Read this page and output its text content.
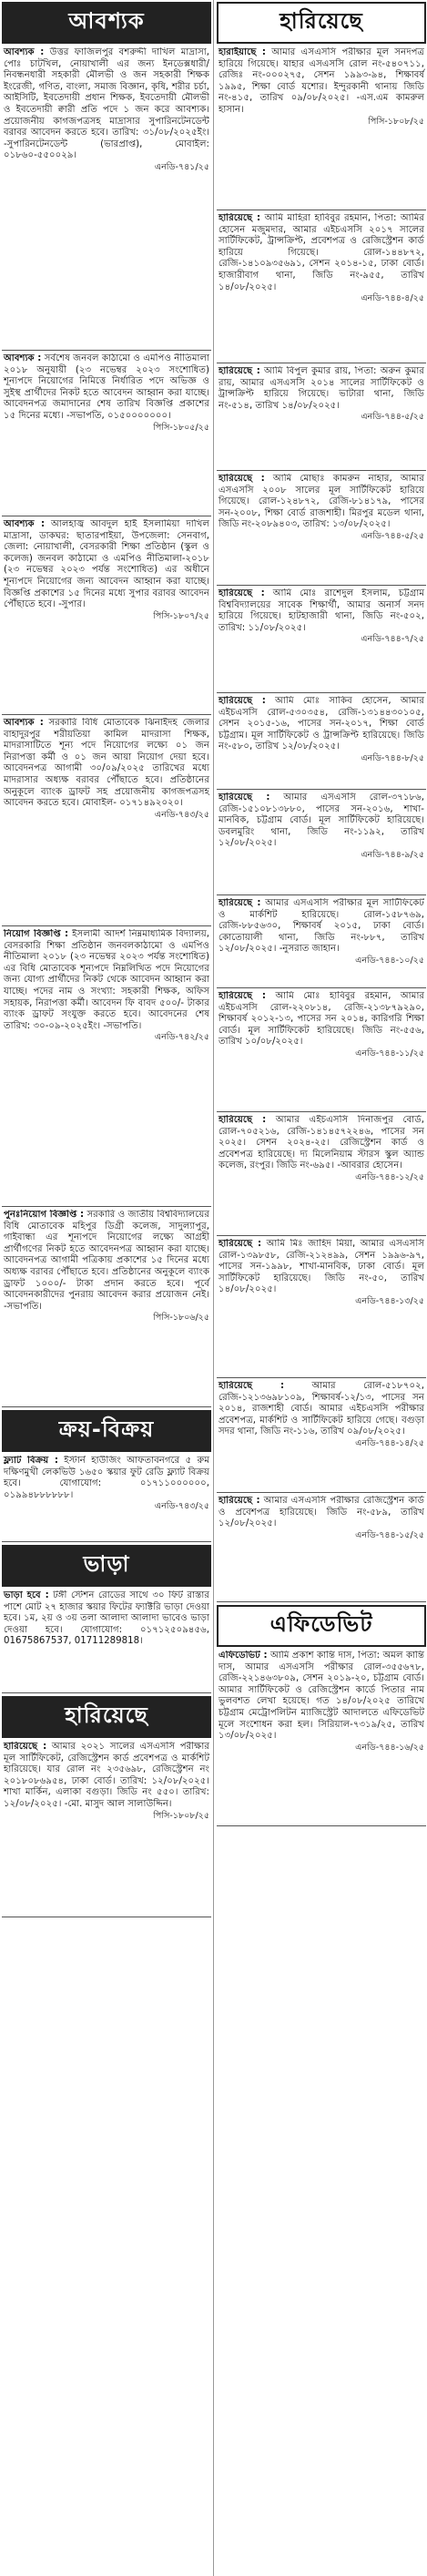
আবশ্যক
আবশ্যক : উত্তর ফাজিলপুর বশরুদ্দী দাখিল মাদ্রাসা, পোঃ চাটখিল, নোয়াখালী এর জন্য ইনডেক্সধারী/নিবন্ধনধারী সহকারী মৌলভী ও জন সহকারী শিক্ষক ইংরেজী, গণিত, বাংলা, সমাজ বিজ্ঞান, কৃষি, শরীর চর্চা, আইসিটি, ইবতেদায়ী প্রধান শিক্ষক, ইবতেদায়ী মৌলভী ও ইবতেদায়ী ক্বারী প্রতি পদে ১ জন করে আবশ্যক। প্রয়োজনীয় কাগজপত্রসহ মাদ্রাসার সুপারিনটেনডেন্ট বরাবর আবেদন করতে হবে। তারিখ: ৩১/০৮/২০২৫ইং। -সুপারিনটেনডেন্ট (ভারপ্রাপ্ত), মোবাইল: ০১৮৬০-৫৫০০২৯।
এনডি-৭৪১/২৫
আবশ্যক : সর্বশেষ জনবল কাঠামো ও এমপিও নীতিমালা ২০১৮ অনুযায়ী (২৩ নভেম্বর ২০২৩ সংশোধিত) শূন্যপদে নিয়োগের নিমিত্তে নির্ধারিত পদে অভিজ্ঞ ও সুইস্থ প্রার্থীদের নিকট হতে আবেদন আহ্বান করা যাচ্ছে। আবেদনপত্র জমাদানের শেষ তারিখ বিজ্ঞপ্তি প্রকাশের ১৫ দিনের মধ্যে। -সভাপতি, ০১৫০০০০০০০।
পিসি-১৮০৫/২৫
আবশ্যক : আলহাজ্ব আবদুল হাই ইসলামিয়া দাখিল মাদ্রাসা, ডাকঘর: ছাতারপাইয়া, উপজেলা: সেনবাগ, জেলা: নোয়াখালী, বেসরকারী শিক্ষা প্রতিষ্ঠান (স্কুল ও কলেজ) জনবল কাঠামো ও এমপিও নীতিমালা-২০১৮ (২৩ নভেম্বর ২০২৩ পর্যন্ত সংশোধিত) এর অধীনে শূন্যপদে নিয়োগের জন্য আবেদন আহ্বান করা যাচ্ছে। বিজ্ঞপ্তি প্রকাশের ১৫ দিনের মধ্যে সুপার বরাবর আবেদন পৌঁছাতে হবে। -সুপার।
পিসি-১৮০৭/২৫
আবশ্যক : সরকারি বিধি মোতাবেক ঝিনাইদহ জেলার বাহাদুরপুর শরীয়তিয়া কামিল মাদরাসা শিক্ষক, মাদরাসাটিতে শূন্য পদে নিয়োগের লক্ষ্যে ০১ জন নিরাপত্তা কর্মী ও ০১ জন আয়া নিয়োগ দেয়া হবে। আবেদনপত্র আগামী ৩০/০৯/২০২৫ তারিখের মধ্যে মাদরাসার অধ্যক্ষ বরাবর পৌঁছাতে হবে। প্রতিষ্ঠানের অনুকূলে ব্যাংক ড্রাফট সহ প্রয়োজনীয় কাগজপত্রসহ আবেদন করতে হবে। মোবাইল- ০১৭১৪৯২০২০।
এনডি-৭৪৩/২৫
নিয়োগ বিজ্ঞপ্তি : ইসলামী আদর্শ নিম্নমাধ্যমিক বিদ্যালয়, বেসরকারি শিক্ষা প্রতিষ্ঠান জনবলকাঠামো ও এমপিও নীতিমালা ২০১৮ (২৩ নভেম্বর ২০২৩ পর্যন্ত সংশোধিত) এর বিধি মোতাবেক শূন্যপদে নিম্নলিখিত পদে নিয়োগের জন্য যোগ্য প্রার্থীদের নিকট থেকে আবেদন আহ্বান করা যাচ্ছে। পদের নাম ও সংখ্যা: সহকারী শিক্ষক, অফিস সহায়ক, নিরাপত্তা কর্মী। আবেদন ফি বাবদ ৫০০/- টাকার ব্যাংক ড্রাফট সংযুক্ত করতে হবে। আবেদনের শেষ তারিখ: ৩০-০৯-২০২৫ইং। -সভাপতি।
এনডি-৭৪২/২৫
পুনঃনিয়োগ বিজ্ঞপ্তি : সরকারি ও জাতীয় বিশ্ববিদ্যালয়ের বিধি মোতাবেক মহিপুর ডিগ্রী কলেজ, সাদুল্যাপুর, গাইবান্ধা এর শূন্যপদে নিয়োগের লক্ষ্যে আগ্রহী প্রার্থীগণের নিকট হতে আবেদনপত্র আহ্বান করা যাচ্ছে। আবেদনপত্র আগামী পত্রিকায় প্রকাশের ১৫ দিনের মধ্যে অধ্যক্ষ বরাবর পৌঁছাতে হবে। প্রতিষ্ঠানের অনুকূলে ব্যাংক ড্রাফট ১০০০/- টাকা প্রদান করতে হবে। পূর্বে আবেদনকারীদের পুনরায় আবেদন করার প্রয়োজন নেই। -সভাপতি।
পিসি-১৮০৬/২৫
ক্রয়-বিক্রয়
ফ্ল্যাট বিক্রয় : ইস্টার্ন হাউজিং আফতাবনগরে ৫ রুম দক্ষিণমুখী লেকভিউ ১৬৫০ স্কয়ার ফুট রেডি ফ্ল্যাট বিক্রয় হবে। যোগাযোগ: ০১৭১১০০০০০০, ০১৯৯৪৮৮৮৮৮৮।
এনডি-৭৪৩/২৫
ভাড়া
ভাড়া হবে : টঙ্গী স্টেশন রোডের সাথে ৩০ ফিট রাস্তার পাশে মোট ২৭ হাজার স্কয়ার ফিটের ফ্যাক্টরি ভাড়া দেওয়া হবে। ১ম, ২য় ও ৩য় তলা আলাদা আলাদা ভাবেও ভাড়া দেওয়া হবে। যোগাযোগ: ০১৭১২৫০৯৪৫৬, 01675867537, 01711289818।
হারিয়েছে
হারিয়েছে : আমার ২০২১ সালের এসএসসি পরীক্ষার মূল সার্টিফিকেট, রেজিস্ট্রেশন কার্ড প্রবেশপত্র ও মার্কশিট হারিয়েছে। যার রোল নং ২৩৫৬৯৮, রেজিস্ট্রেশন নং ২০১৮০৮৬৯৫৪, ঢাকা বোর্ড। তারিখ: ১২/০৮/২০২৫। শাখা মার্কিন, এলাকা বগুড়া। জিডি নং ৫৫০। তারিখ: ১২/০৮/২০২৫। -মো. মাসুদ আল সালাউদ্দিন।
পিসি-১৮০৮/২৫
হারিয়েছে
হারাইয়াছে : আমার এসএসসি পরীক্ষার মূল সনদপত্র হারিয়ে গিয়েছে। যাহার এসএসসি রোল নং-৫৪০৭১১, রেজিঃ নং-০০০২৭৫, সেশন ১৯৯৩-৯৪, শিক্ষাবর্ষ ১৯৯৫, শিক্ষা বোর্ড যশোর। ইন্দুরকানী থানায় জিডি নং-৪১৫, তারিখ ০৯/০৮/২০২৫। -এস.এম কামরুল হাসান।
পিসি-১৮০৮/২৫
হারিয়েছে : আমি মাহিরা হাবিবুর রহমান, পিতা: আমির হোসেন মজুমদার, আমার এইচএসসি ২০১৭ সালের সার্টিফিকেট, ট্রান্সক্রিপ্ট, প্রবেশপত্র ও রেজিস্ট্রেশন কার্ড হারিয়ে গিয়েছে। রোল-১৪৪৮৭২, রেজি-১৪১০৯৩৫৬৯১, সেশন ২০১৪-১৫, ঢাকা বোর্ড। হাজারীবাগ থানা, জিডি নং-৯৫৫, তারিখ ১৪/০৮/২০২৫।
এনডি-৭৪৪-৪/২৫
হারিয়েছে : আমি বিপুল কুমার রায়, পিতা: অরুন কুমার রায়, আমার এসএসসি ২০১৪ সালের সার্টিফিকেট ও ট্রান্সক্রিপ্ট হারিয়ে গিয়েছে। ভাটারা থানা, জিডি নং-৫১৪, তারিখ ১৪/০৮/২০২৫।
এনডি-৭৪৪-৫/২৫
হারিয়েছে : আমি মোছাঃ কামরুন নাহার, আমার এসএসসি ২০০৮ সালের মূল সার্টিফিকেট হারিয়ে গিয়েছে। রোল-১২৪৮৭২, রেজি-৮১৪১৭৯, পাসের সন-২০০৮, শিক্ষা বোর্ড রাজশাহী। মিরপুর মডেল থানা, জিডি নং-২০৮৯৪০৩, তারিখ: ১৩/০৮/২০২৫।
এনডি-৭৪৪-৫/২৫
হারিয়েছে : আমি মোঃ রাশেদুল ইসলাম, চট্টগ্রাম বিশ্ববিদ্যালয়ের সাবেক শিক্ষার্থী, আমার অনার্স সনদ হারিয়ে গিয়েছে। হাটহাজারী থানা, জিডি নং-৫০২, তারিখ: ১১/০৮/২০২৫।
এনডি-৭৪৪-৭/২৫
হারিয়েছে : আমি মোঃ সাকিব হোসেন, আমার এইচএসসি রোল-৫৩০৩৫৪, রেজি-১৩১৪৪৩০১০৫, সেশন ২০১৫-১৬, পাসের সন-২০১৭, শিক্ষা বোর্ড চট্টগ্রাম। মূল সার্টিফিকেট ও ট্রান্সক্রিপ্ট হারিয়েছে। জিডি নং-৫৮০, তারিখ ১২/০৮/২০২৫।
এনডি-৭৪৪-৮/২৫
হারিয়েছে : আমার এসএসসি রোল-৩৭১৮৬, রেজি-১৫১০৮১৩৮৮০, পাসের সন-২০১৬, শাখা- মানবিক, চট্টগ্রাম বোর্ড। মূল সার্টিফিকেট হারিয়েছে। ডবলমুরিং থানা, জিডি নং-১১৯২, তারিখ ১২/০৮/২০২৫।
এনডি-৭৪৪-৯/২৫
হারিয়েছে : আমার এসএসসি পরীক্ষার মূল সার্টিফিকেট ও মার্কশিট হারিয়েছে। রোল-১৫৮৭৬৯, রেজি-৮৮৫৬৩০, শিক্ষাবর্ষ ২০১৫, ঢাকা বোর্ড। কোতোয়ালী থানা, জিডি নং-৮৮৭, তারিখ ১২/০৮/২০২৫। -নুসরাত জাহান।
এনডি-৭৪৪-১০/২৫
হারিয়েছে : আমি মোঃ হাবিবুর রহমান, আমার এইচএসসি রোল-২২০৮১৪, রেজি-২১৩৮৭৯২৯০, শিক্ষাবর্ষ ২০১২-১৩, পাসের সন ২০১৪, কারিগরি শিক্ষা বোর্ড। মূল সার্টিফিকেট হারিয়েছে। জিডি নং-৫৫৬, তারিখ ১০/০৮/২০২৫।
এনডি-৭৪৪-১১/২৫
হারিয়েছে : আমার এইচএসসি দিনাজপুর বোর্ড, রোল-৭০৫২১৬, রেজি-১৪১৪৫৭২২৪৬, পাসের সন ২০২৫। সেশন ২০২৪-২৫। রেজিস্ট্রেশন কার্ড ও প্রবেশপত্র হারিয়েছে। দ্য মিলেনিয়াম স্টারস স্কুল অ্যান্ড কলেজ, রংপুর। জিডি নং-৬৯৫। -আবরার হোসেন।
এনডি-৭৪৪-১২/২৫
হারিয়েছে : আমি মিঃ জাহিদ মিয়া, আমার এসএসসি রোল-১৩৯৮৫৮, রেজি-২১২৪৯৯, সেশন ১৯৯৬-৯৭, পাসের সন-১৯৯৮, শাখা-মানবিক, ঢাকা বোর্ড। মূল সার্টিফিকেট হারিয়েছে। জিডি নং-৫০, তারিখ ১৪/০৮/২০২৫।
এনডি-৭৪৪-১৩/২৫
হারিয়েছে :	আমার রোল-৫১৮৭০২, রেজি-১২১৩৬৯৮১০৯, শিক্ষাবর্ষ-১২/১৩, পাসের সন ২০১৪, রাজশাহী বোর্ড। আমার এইচএসসি পরীক্ষার প্রবেশপত্র, মার্কশিট ও সার্টিফিকেট হারিয়ে গেছে। বগুড়া সদর থানা, জিডি নং-১১৬, তারিখ ০৯/০৮/২০২৫।
এনডি-৭৪৪-১৪/২৫
হারিয়েছে : আমার এসএসসি পরীক্ষার রেজিস্ট্রেশন কার্ড ও প্রবেশপত্র হারিয়েছে। জিডি নং-৫৮৯, তারিখ ১২/০৮/২০২৫।
এনডি-৭৪৪-১৫/২৫
এফিডেভিট
এফিডেভিট : আমি প্রকাশ কান্তি দাস, পিতা: অমল কান্তি দাস, আমার এসএসসি পরীক্ষার রোল-৩৫৫৬৭৮, রেজি-২২১৪৬৩৮০৯, সেশন ২০১৯-২০, চট্টগ্রাম বোর্ড। আমার সার্টিফিকেট ও রেজিস্ট্রেশন কার্ডে পিতার নাম ভুলবশত লেখা হয়েছে। গত ১৪/০৮/২০২৫ তারিখে চট্টগ্রাম মেট্রোপলিটন ম্যাজিস্ট্রেট আদালতে এফিডেভিট মূলে সংশোধন করা হল। সিরিয়াল-৭৩১৯/২৫, তারিখ ১৩/০৮/২০২৫।
এনডি-৭৪৪-১৬/২৫
